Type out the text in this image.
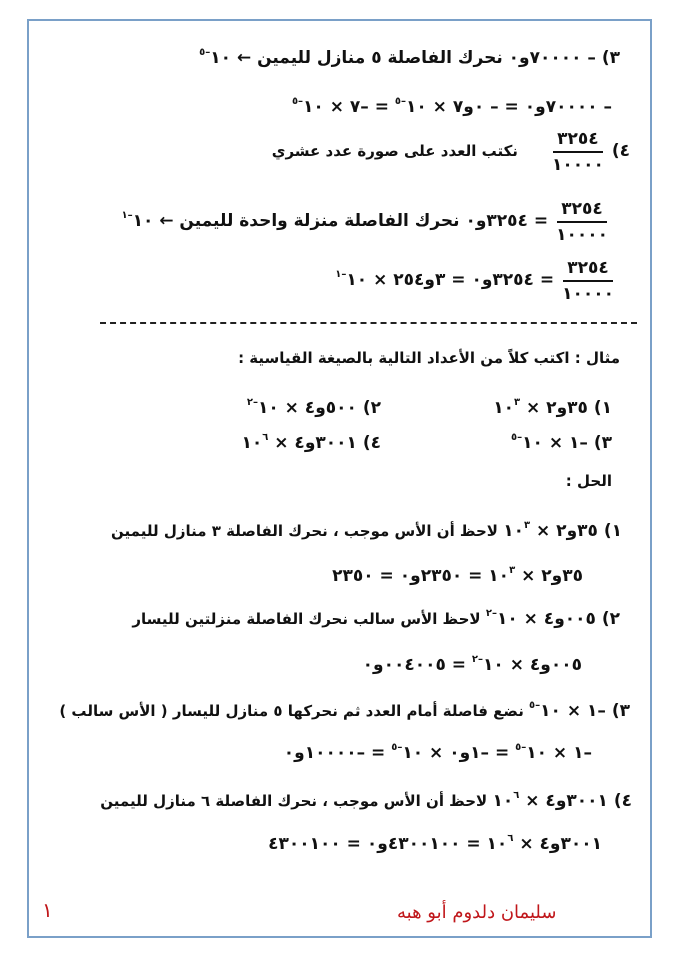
٣) – ٧٠٠٠٠و٠ نحرك الفاصلة ٥ منازل لليمين ← $١٠^{-٥}$
– ٧٠٠٠٠و٠ = – ٠و٧ × $١٠^{-٥}$ = –٧ × $١٠^{-٥}$
٤)
$\frac{٣٢٥٤}{١٠٠٠٠}$
نكتب العدد على صورة عدد عشري
$\frac{٣٢٥٤}{١٠٠٠٠}$
= ٣٢٥٤و٠ نحرك الفاصلة منزلة واحدة لليمين ← $١٠^{-١}$
$\frac{٣٢٥٤}{١٠٠٠٠}$
= ٣٢٥٤و٠ = ٣و٢٥٤ × $١٠^{-١}$
مثال : اكتب كلاً من الأعداد التالية بالصيغة القياسية :
١) ٣٥و٢ × $١٠^٣$
٢) ٥٠٠و٤ × $١٠^{-٢}$
٣) –١ × $١٠^{-٥}$
٤) ٣٠٠١و٤ × $١٠^٦$
الحل :
١) ٣٥و٢ × $١٠^٣$ لاحظ أن الأس موجب ، نحرك الفاصلة ٣ منازل لليمين
٣٥و٢ × $١٠^٣$ = ٢٣٥٠و٠ = ٢٣٥٠
٢) ٠٠٥و٤ × $١٠^{-٢}$ لاحظ الأس سالب نحرك الفاصلة منزلتين لليسار
٠٠٥و٤ × $١٠^{-٢}$ = ٠٠٤٠٠٥و٠
٣) –١ × $١٠^{-٥}$ نضع فاصلة أمام العدد ثم نحركها ٥ منازل لليسار ( الأس سالب )
–١ × $١٠^{-٥}$ = –١و٠ × $١٠^{-٥}$ = –١٠٠٠٠و٠
٤) ٣٠٠١و٤ × $١٠^٦$ لاحظ أن الأس موجب ، نحرك الفاصلة ٦ منازل لليمين
٣٠٠١و٤ × $١٠^٦$ = ٤٣٠٠١٠٠و٠ = ٤٣٠٠١٠٠
سليمان دلدوم أبو هبه
١
